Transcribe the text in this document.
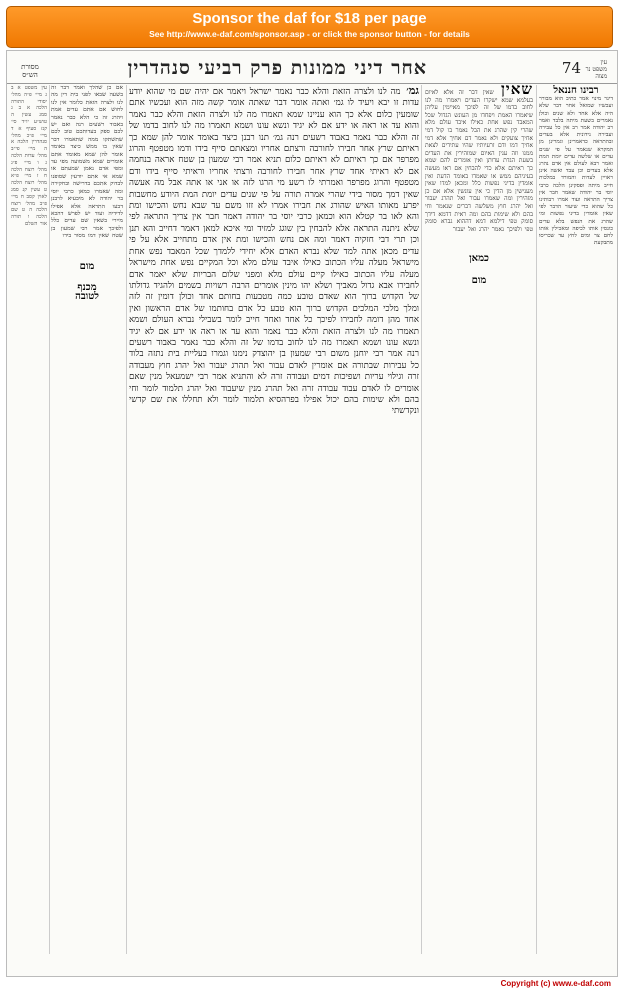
Sponsor the daf for $18 per page
See http://www.e-daf.com/sponsor.asp - or click the sponsor button - for details
עין משפט נר מצוה
74
אחר דיני ממונות פרק רביעי סנהדרין
מסורת הש״ס
רבינו חננאל
דינר מינוי אמר כתיב הוא מבורר ועכשיו שמואל אחר דבר שלא היה אלא אחד ולא שנים וכולן נאמרים בשעת מיתה בלבד ואמר רב יהודה אמר רב אין כל עבירה ועבירה נידונית אלא בעדים ובהתראה כדאמרינן וגמרינן מן המקרא שנאמר על פי שנים עדים או שלשה עדים יומת המת ואמר רבא לעולם אין אדם נהרג אלא בעדים וכן עבד ואשה אינן ראויין לעדות והמורד במלכות חייב מיתה ופסקינן הלכה כרבי יוסי בר יהודה שאמר חבר אין צריך התראה ועוד אמרו רבותינו כל שהוא כדי שיעור הדבר לפי שאין אומדין בדיני נפשות ומי שהרג את הנפש בלא עדים כונסין אותו לכיפה ומאכילין אותו לחם צר ומים לחץ עד שכריסו מתבקעת
שאין שאין דבר זה אלא לאיום בעלמא שמא ישקרו העדים ויאמרו מה לנו לחוב בדמו של זה לפיכך מאיימין עליהן שיאמרו האמת ויפחדו מן העונש הגדול שכל המאבד נפש אחת כאילו איבד עולם מלא שהרי קין שהרג את הבל נאמר בו קול דמי אחיך צועקים ולא נאמר דם אחיך אלא דמי אחיך דמו ודם זרעיותיו שהיו עתידים לצאת ממנו וזה ענין האיום שמזהירין את העדים בשעת הגדת עדותן ואין אומרים להם שמא כך ראיתם אלא כדי להבחין אם ראו מעשה בעיניהם ממש או שאמדו באומד הדעת ואין אומדין בדיני נפשות כלל ומכאן למדו שאין מענישין מן הדין כי אין עונשין אלא אם כן מזהירין ומה שאמרו עבור ואל תהרג יעבור ואל יהרג חוץ משלשה דברים שנאמר וחי בהם ולא שימות בהם ומה ראית דדמא דידך סומק טפי דילמא דמא דההוא גברא סומק טפי ולפיכך נאמר יהרג ואל יעבור
כמאן
מום
גמ׳ מה לנו ולצרה הזאת והלא כבר נאמר ישראל ויאמר אם יהיה שם מי שהוא יודע עדות זו יבא ויעיד לו גמ׳ ואתה אומר דבר שאתה אומר קשה מזה הוא ועכשיו אתם שומעין כלום אלא כך הוא עניינו שמא תאמרו מה לנו ולצרה הזאת והלא כבר נאמר והוא עד או ראה או ידע אם לא יגיד ונשא עונו ושמא תאמרו מה לנו לחוב בדמו של זה והלא כבר נאמר באבוד רשעים רנה גמ׳ תנו רבנן כיצד באומד אומר להן שמא כך ראיתם שרץ אחר חבירו לחורבה ורצתם אחריו ומצאתם סייף בידו ודמו מטפטף והרוג מפרפר אם כך ראיתם לא ראיתם כלום תניא אמר רבי שמעון בן שטח אראה בנחמה אם לא ראיתי אחד שרץ אחר חבירו לחורבה ורצתי אחריו וראיתי סייף בידו ודם מטפטף והרוג מפרפר ואמרתי לו רשע מי הרגו לזה או אני או אתה אבל מה אעשה שאין דמך מסור בידי שהרי אמרה תורה על פי שנים עדים יומת המת היודע מחשבות יפרע מאותו האיש שהורג את חבירו אמרו לא זזו משם עד שבא נחש והכישו ומת והא לאו בר קטלא הוא וכמאן כרבי יוסי בר יהודה דאמר חבר אין צריך התראה לפי שלא ניתנה התראה אלא להבחין בין שוגג למזיד ומי איכא למאן דאמר דחייב והא תנן וכן תרי דבי חזקיה דאמר ומה אם נחש והכישו ומת אין אדם מתחייב אלא על פי עדים מכאן אתה למד שלא נברא האדם אלא יחידי ללמדך שכל המאבד נפש אחת מישראל מעלה עליו הכתוב כאילו איבד עולם מלא וכל המקיים נפש אחת מישראל מעלה עליו הכתוב כאילו קיים עולם מלא ומפני שלום הבריות שלא יאמר אדם לחבירו אבא גדול מאביך ושלא יהו מינין אומרים הרבה רשויות בשמים ולהגיד גדולתו של הקדוש ברוך הוא שאדם טובע כמה מטבעות בחותם אחד וכולן דומין זה לזה ומלך מלכי המלכים הקדוש ברוך הוא טבע כל אדם בחותמו של אדם הראשון ואין אחד מהן דומה לחבירו לפיכך כל אחד ואחד חייב לומר בשבילי נברא העולם ושמא תאמרו מה לנו ולצרה הזאת והלא כבר נאמר והוא עד או ראה או ידע אם לא יגיד ונשא עונו ושמא תאמרו מה לנו לחוב בדמו של זה והלא כבר נאמר באבוד רשעים רנה אמר רבי יוחנן משום רבי שמעון בן יהוצדק נימנו וגמרו בעליית בית נתזה בלוד כל עבירות שבתורה אם אומרין לאדם עבור ואל תהרג יעבור ואל יהרג חוץ מעבודה זרה וגילוי עריות ושפיכות דמים ועבודה זרה לא והתניא אמר רבי ישמעאל מנין שאם אומרים לו לאדם עבוד עבודה זרה ואל תהרג מנין שיעבוד ואל יהרג תלמוד לומר וחי בהם ולא שימות בהם יכול אפילו בפרהסיא תלמוד לומר ולא תחללו את שם קדשי ונקדשתי
אם כן שהלך ואמר דבר זה בשעה שבאו לפני בית דין מה לנו ולצרה הזאת כלומר אין לנו לחוש אם אתם עדים אמת ויהרג זה כי הלא כבר נאמר באבוד רשעים רנה ואם יש לכם ספק בעדותכם טוב לכם שתשתקו ממה שתאמרו דבר שאין בו ממש כיצד באומד אומר להן שמא מאומד אתם אומרים שמא משמועה מפי עד ומפי אדם נאמן שמעתם או שמא אי אתם יודעין שסופנו לבדוק אתכם בדרישה ובחקירה ומה שאמרו כמאן כרבי יוסי בר יהודה לא מיבעיא לרבנן דבעו התראה אלא אפילו לדידיה ועוד יש לפרש דהכא מיירי בשאין שם עדים כלל ולפיכך אמר רבי שמעון בן שטח שאין דמו מסור בידו
מום
מכנף
לטובה
עין משפט א ב ג מיי׳ פ״ה מהל׳ יסודי התורה הלכה א ב ג סמג עשין ה טוש״ע יו״ד סי׳ קנז סעיף א ד מיי׳ פ״כ מהל׳ סנהדרין הלכה א ה מיי׳ פי״ב מהל׳ עדות הלכה ג ו מיי׳ פ״ג מהל׳ רוצח הלכה ח ז מיי׳ פ״א מהל׳ רוצח הלכה ט עשין קנ סמג לאוין קסב ח מיי׳ פ״ב מהל׳ רוצח הלכה ה ט שם הלכה ו תורה אור השלם
Copyright (c) www.e-daf.com
